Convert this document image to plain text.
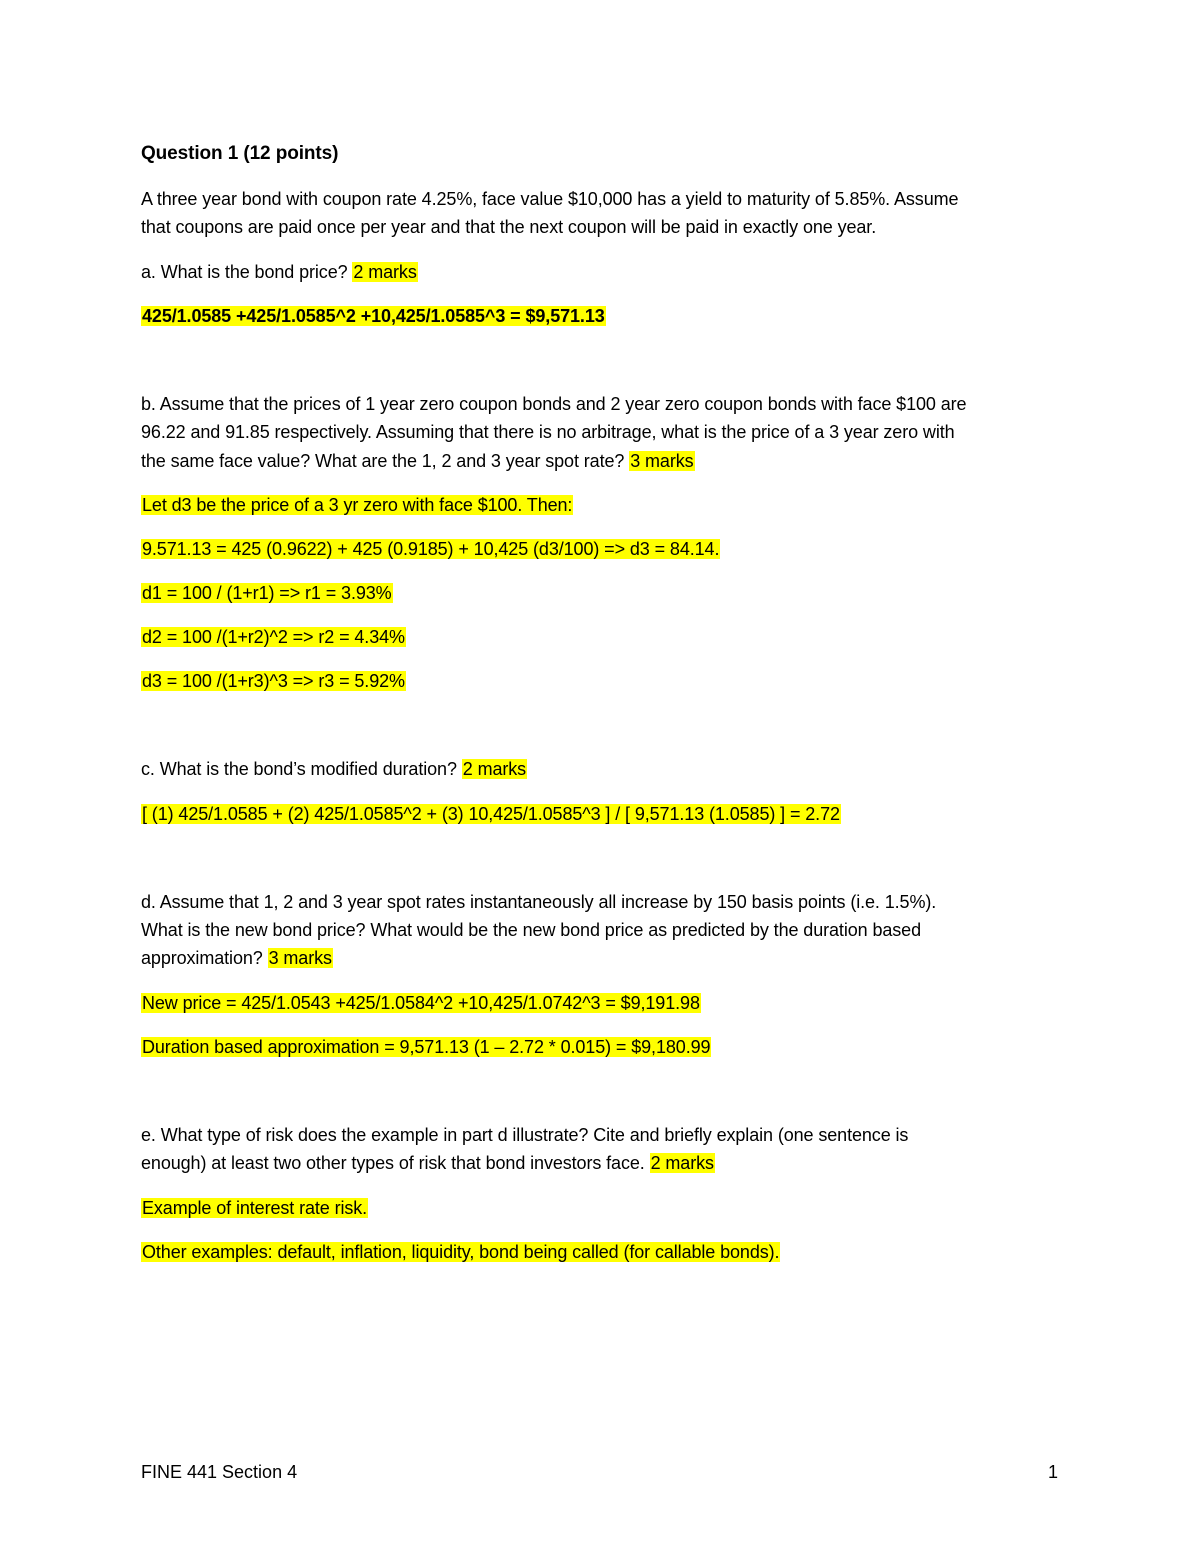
Question 1 (12 points)
A three year bond with coupon rate 4.25%, face value $10,000 has a yield to maturity of 5.85%. Assume
that coupons are paid once per year and that the next coupon will be paid in exactly one year.
a. What is the bond price? 2 marks
425/1.0585 +425/1.0585^2 +10,425/1.0585^3 = $9,571.13
b. Assume that the prices of 1 year zero coupon bonds and 2 year zero coupon bonds with face $100 are
96.22 and 91.85 respectively. Assuming that there is no arbitrage, what is the price of a 3 year zero with
the same face value? What are the 1, 2 and 3 year spot rate? 3 marks
Let d3 be the price of a 3 yr zero with face $100. Then:
9.571.13 = 425 (0.9622) + 425 (0.9185) + 10,425 (d3/100) => d3 = 84.14.
d1 = 100 / (1+r1) => r1 = 3.93%
d2 = 100 /(1+r2)^2 => r2 = 4.34%
d3 = 100 /(1+r3)^3 => r3 = 5.92%
c. What is the bond’s modified duration? 2 marks
[ (1) 425/1.0585 + (2) 425/1.0585^2 + (3) 10,425/1.0585^3 ] / [ 9,571.13 (1.0585) ] = 2.72
d. Assume that 1, 2 and 3 year spot rates instantaneously all increase by 150 basis points (i.e. 1.5%).
What is the new bond price? What would be the new bond price as predicted by the duration based
approximation? 3 marks
New price = 425/1.0543 +425/1.0584^2 +10,425/1.0742^3 = $9,191.98
Duration based approximation = 9,571.13 (1 – 2.72 * 0.015) = $9,180.99
e. What type of risk does the example in part d illustrate? Cite and briefly explain (one sentence is
enough) at least two other types of risk that bond investors face. 2 marks
Example of interest rate risk.
Other examples: default, inflation, liquidity, bond being called (for callable bonds).
FINE 441 Section 4	1
